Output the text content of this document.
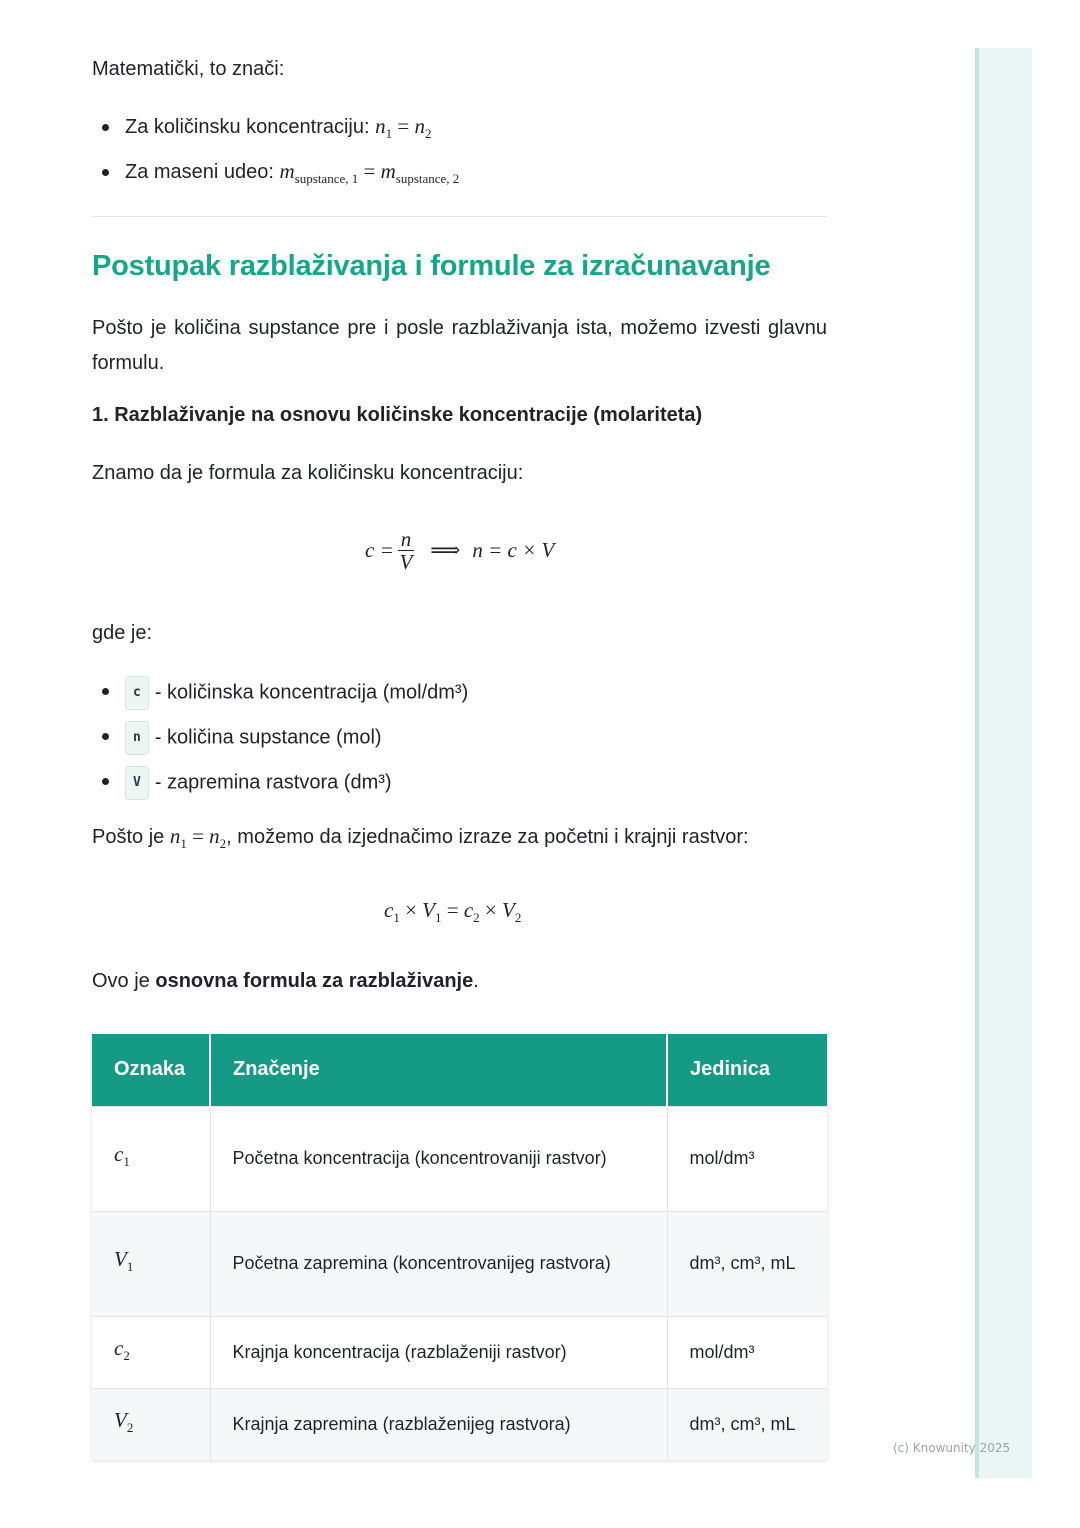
(c) Knowunity 2025
Matematički, to znači:
Za količinsku koncentraciju: $n_1 = n_2$
Za maseni udeo: $m_{supstance, 1} = m_{supstance, 2}$
Postupak razblaživanja i formule za izračunavanje
Pošto je količina supstance pre i posle razblaživanja ista, možemo izvesti glavnu formulu.
1. Razblaživanje na osnovu količinske koncentracije (molariteta)
Znamo da je formula za količinsku koncentraciju:
$c = \frac{n}{V}$ ⟹ n = c × V
gde je:
c - količinska koncentracija (mol/dm³)
n - količina supstance (mol)
V - zapremina rastvora (dm³)
Pošto je $n_1 = n_2$, možemo da izjednačimo izraze za početni i krajnji rastvor:
$c_1 \times V_1 = c_2 \times V_2$
Ovo je osnovna formula za razblaživanje.
Oznaka	Značenje	Jedinica
$c_1$	Početna koncentracija (koncentrovaniji rastvor)	mol/dm³
$V_1$	Početna zapremina (koncentrovanijeg rastvora)	dm³, cm³, mL
$c_2$	Krajnja koncentracija (razblaženiji rastvor)	mol/dm³
$V_2$	Krajnja zapremina (razblaženijeg rastvora)	dm³, cm³, mL
